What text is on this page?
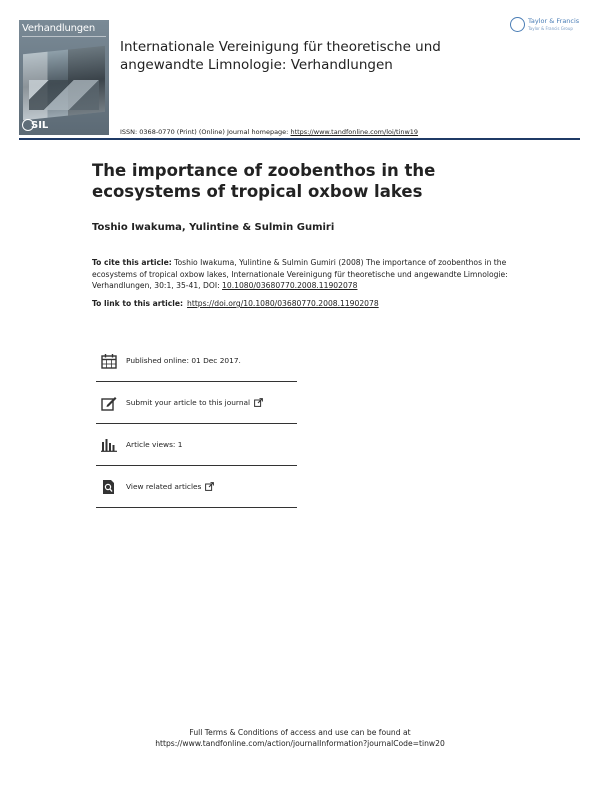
Verhandlungen
SIL
Internationale Vereinigung für theoretische und angewandte Limnologie: Verhandlungen
Taylor & Francis
Taylor & Francis Group
ISSN: 0368-0770 (Print) (Online) Journal homepage: https://www.tandfonline.com/loi/tinw19
The importance of zoobenthos in the ecosystems of tropical oxbow lakes
Toshio Iwakuma, Yulintine & Sulmin Gumiri
To cite this article: Toshio Iwakuma, Yulintine & Sulmin Gumiri (2008) The importance of zoobenthos in the ecosystems of tropical oxbow lakes, Internationale Vereinigung für theoretische und angewandte Limnologie: Verhandlungen, 30:1, 35-41, DOI: 10.1080/03680770.2008.11902078
To link to this article: https://doi.org/10.1080/03680770.2008.11902078
Published online: 01 Dec 2017.
Submit your article to this journal
Article views: 1
View related articles
Full Terms & Conditions of access and use can be found at
https://www.tandfonline.com/action/journalInformation?journalCode=tinw20
